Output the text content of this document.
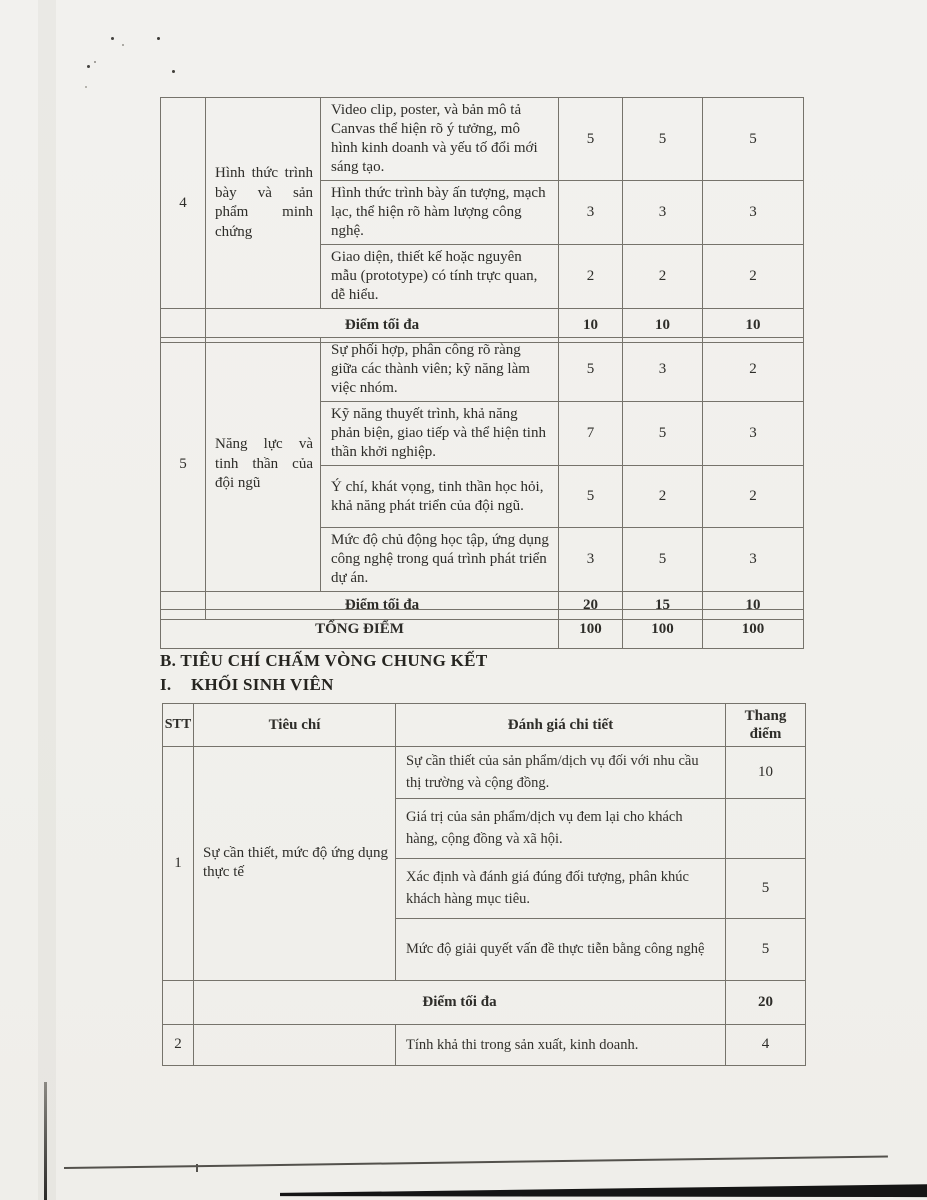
4	Hình thức trình bày và sản phẩm minh chứng	Video clip, poster, và bản mô tả Canvas thể hiện rõ ý tưởng, mô hình kinh doanh và yếu tố đổi mới sáng tạo.	5	5	5
		Hình thức trình bày ấn tượng, mạch lạc, thể hiện rõ hàm lượng công nghệ.	3	3	3
		Giao diện, thiết kế hoặc nguyên mẫu (prototype) có tính trực quan, dễ hiểu.	2	2	2
	Điểm tối đa		10	10	10
5	Năng lực và tinh thần của đội ngũ	Sự phối hợp, phân công rõ ràng giữa các thành viên; kỹ năng làm việc nhóm.	5	3	2
		Kỹ năng thuyết trình, khả năng phản biện, giao tiếp và thể hiện tinh thần khởi nghiệp.	7	5	3
		Ý chí, khát vọng, tinh thần học hỏi, khả năng phát triển của đội ngũ.	5	2	2
		Mức độ chủ động học tập, ứng dụng công nghệ trong quá trình phát triển dự án.	3	5	3
	Điểm tối đa		20	15	10
TỔNG ĐIỂM	100	100	100
B. TIÊU CHÍ CHẤM VÒNG CHUNG KẾT
I. KHỐI SINH VIÊN
STT	Tiêu chí	Đánh giá chi tiết	Thang điểm
1	Sự cần thiết, mức độ ứng dụng thực tế	Sự cần thiết của sản phẩm/dịch vụ đối với nhu cầu thị trường và cộng đồng.	10
		Giá trị của sản phẩm/dịch vụ đem lại cho khách hàng, cộng đồng và xã hội.	
		Xác định và đánh giá đúng đối tượng, phân khúc khách hàng mục tiêu.	5
		Mức độ giải quyết vấn đề thực tiễn bằng công nghệ	5
	Điểm tối đa		20
2		Tính khả thi trong sản xuất, kinh doanh.	4
